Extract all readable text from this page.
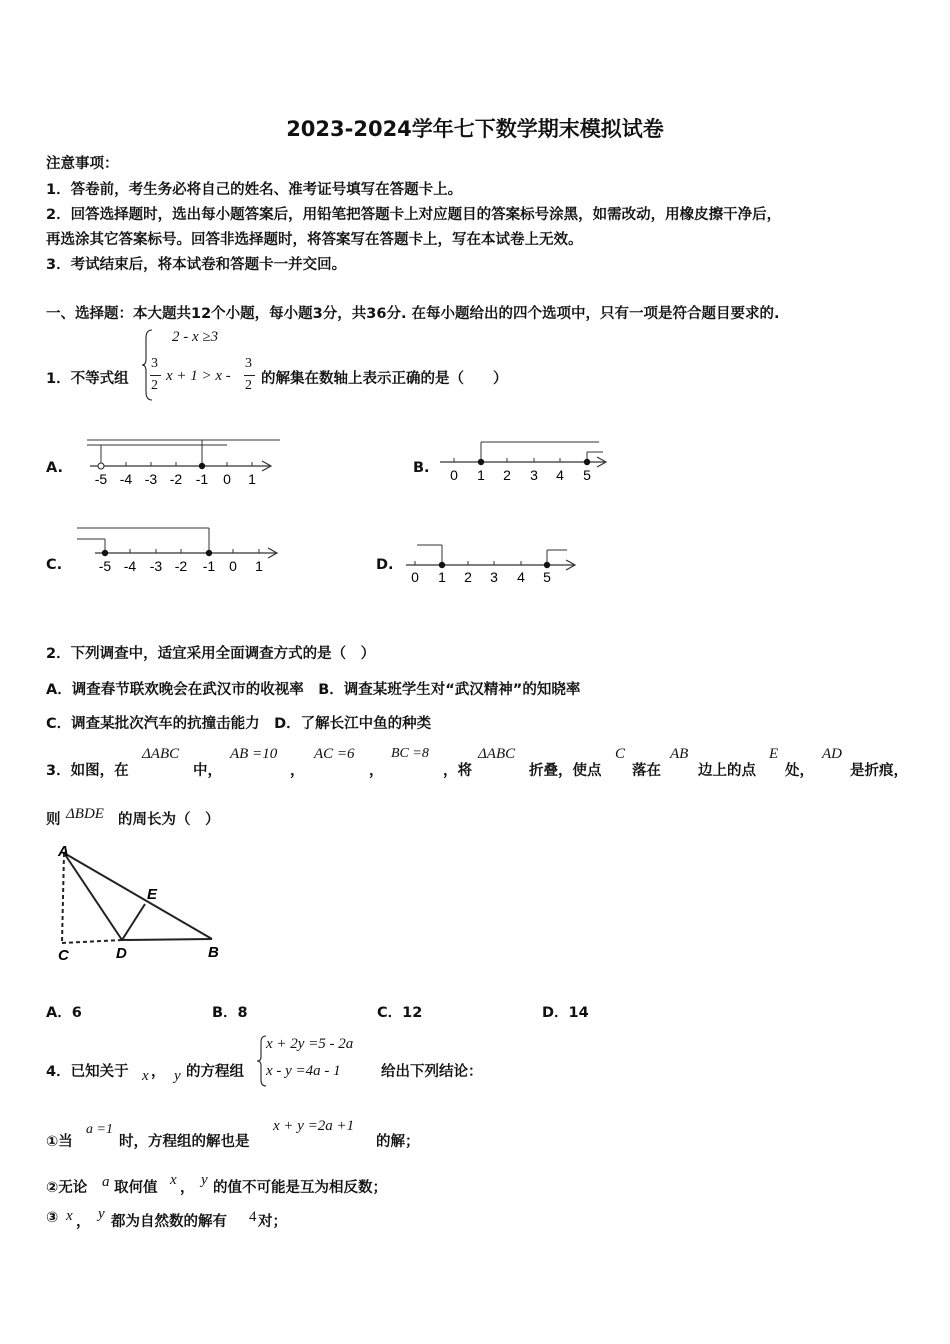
2023-2024学年七下数学期末模拟试卷
注意事项：
1．答卷前，考生务必将自己的姓名、准考证号填写在答题卡上。
2．回答选择题时，选出每小题答案后，用铅笔把答题卡上对应题目的答案标号涂黑，如需改动，用橡皮擦干净后，
再选涂其它答案标号。回答非选择题时，将答案写在答题卡上，写在本试卷上无效。
3．考试结束后，将本试卷和答题卡一并交回。
一、选择题：本大题共12个小题，每小题3分，共36分. 在每小题给出的四个选项中，只有一项是符合题目要求的.
1．不等式组
2 - x ≥3
3
2
x + 1 > x -
3
2 的解集在数轴上表示正确的是（　　）
A.
-5 -4 -3 -2 -1 0 1
B. 0 1 2 3 4 5
C.	-5 -4 -3 -2 -1 0 1	D.
0 1 2 3 4 5
2．下列调查中，适宜采用全面调查方式的是（　）
A．调查春节联欢晚会在武汉市的收视率　B．调查某班学生对“武汉精神”的知晓率
C．调查某批次汽车的抗撞击能力　D．了解长江中鱼的种类
3．如图，在
ΔABC
中，
AB =10
，
AC =6
，
BC =8
，将
ΔABC
折叠，使点
C
落在
AB
边上的点
E
处，
AD
是折痕，
则 ΔBDE 的周长为（　）
A
E
C	D	B
A．6	B．8	C．12	D．14
4．已知关于 x ， y 的方程组
x + 2y =5 - 2a
x - y =4a - 1	给出下列结论：
①当
a =1
时，方程组的解也是
x + y =2a +1
的解；
②无论 a 取何值 x ， y 的值不可能是互为相反数；
③ x ， y 都为自然数的解有 4 对；
